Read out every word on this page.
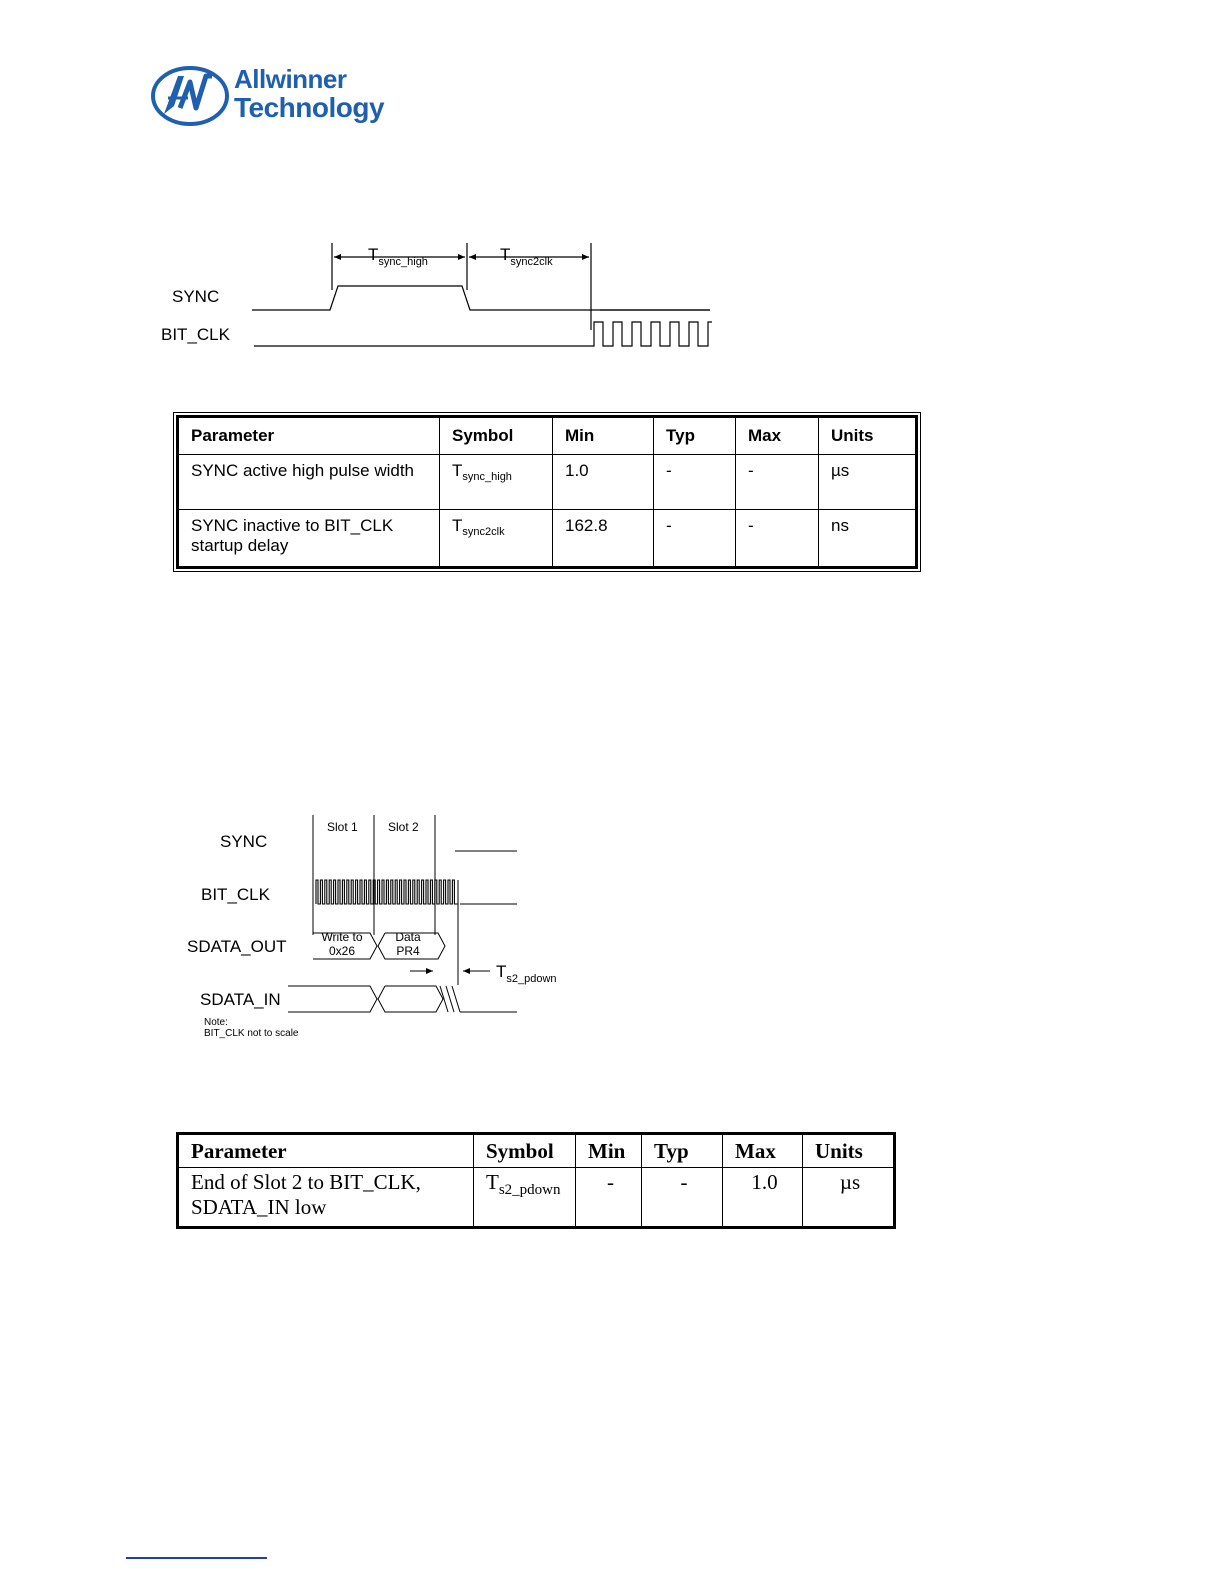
Allwinner
Technology
SYNC
BIT_CLK
$T_{sync\_high}$	$T_{sync2clk}$
Parameter	Symbol	Min	Typ	Max	Units
SYNC active high pulse width	$T_{sync\_high}$	1.0	-	-	µs
SYNC inactive to BIT_CLK startup delay	$T_{sync2clk}$	162.8	-	-	ns
SYNC
BIT_CLK
SDATA_OUT
SDATA_IN
Slot 1	Slot 2
Write to
0x26
Data
PR4
$T_{s2\_pdown}$
Note:
BIT_CLK not to scale
Parameter	Symbol	Min	Typ	Max	Units

End of Slot 2 to BIT_CLK,
SDATA_IN low	$T_{s2\_pdown}$	-	-	1.0	µs
